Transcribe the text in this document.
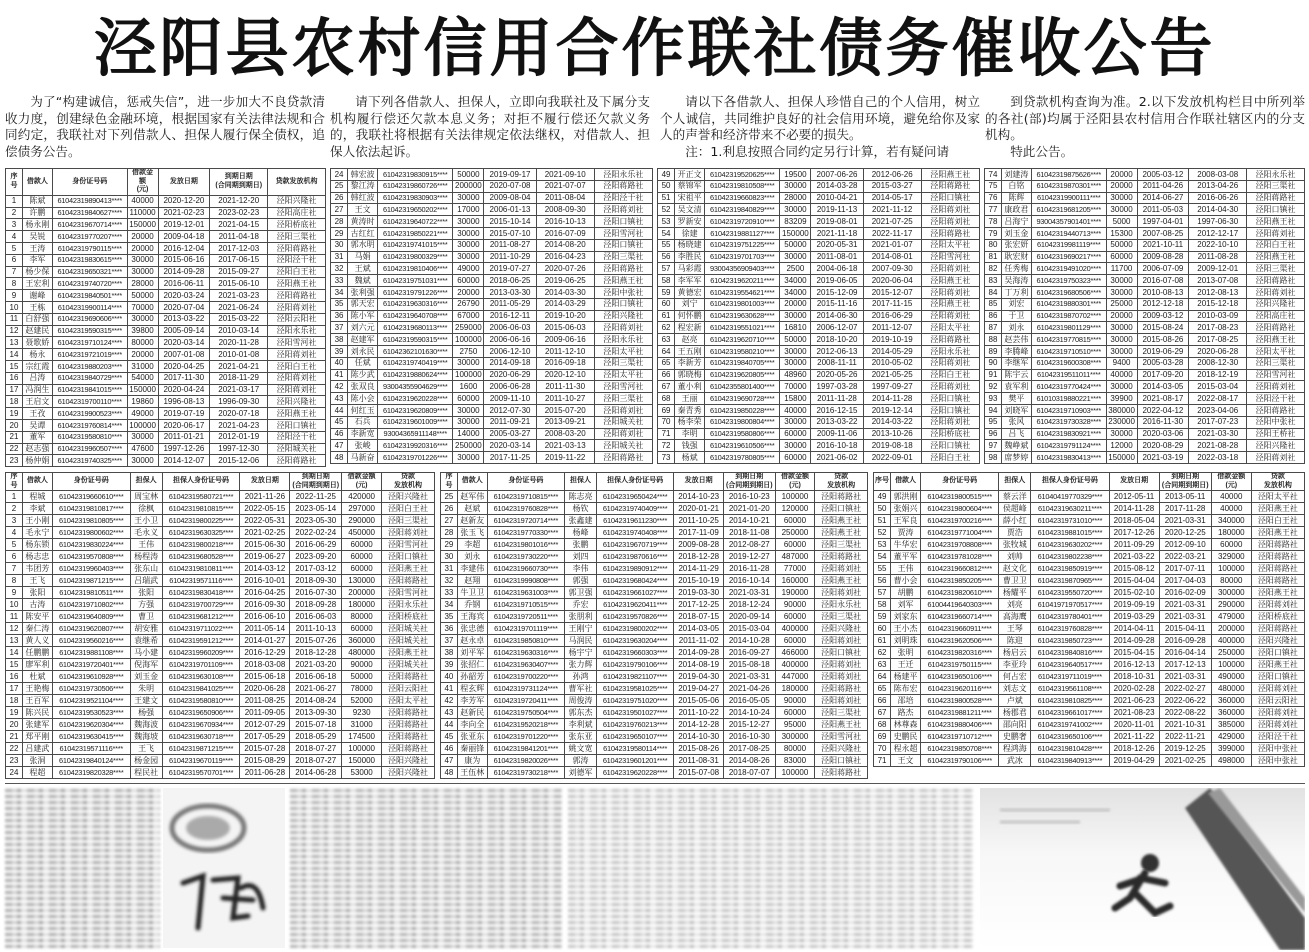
泾阳县农村信用合作联社债务催收公告

为了“构建诚信，惩戒失信”，进一步加大不良贷款清收力度，创建绿色金融环境，根据国家有关法律法规和合同约定，我联社对下列借款人、担保人履行保全债权，追偿债务公告。

请下列各借款人、担保人，立即向我联社及下属分支机构履行偿还欠款本息义务；对拒不履行偿还欠款义务的，我联社将根据有关法律规定依法继权，对借款人、担保人依法起诉。

请以下各借款人、担保人珍惜自己的个人信用，树立个人诚信，共同维护良好的社会信用环境，避免给你及家人的声誉和经济带来不必要的损失。

注：1.利息按照合同约定另行计算，若有疑问请

到贷款机构查询为准。2.以下发放机构栏目中所列举的各社(部)均属于泾阳县农村信用合作联社辖区内的分支机构。

特此公告。

序号	借款人	身份证号码	借款金额
(元)	发放日期	到期日期
(合同期到期日)	贷款发放机构

1	陈斌	61042319890413****	40000	2020-12-20	2021-12-20	泾阳兴隆社
2	许鹏	61042319840627****	110000	2021-02-23	2023-02-23	泾阳高庄社
3	杨永刚	61042319670714****	150000	2019-12-01	2021-04-15	泾阳桥底社
4	吴锐	61042319770207****	20000	2009-04-18	2011-04-18	泾阳三渠社
5	王涛	61042319790115****	20000	2016-12-04	2017-12-03	泾阳蒋路社
6	李军	61042319830615****	30000	2015-06-16	2017-06-15	泾阳泾干社
7	杨少保	61042319650321****	30000	2014-09-28	2015-09-27	泾阳白王社
8	王宏利	61042319740720****	28000	2016-06-11	2015-06-10	泾阳燕王社
9	谢峰	61042319840501****	50000	2020-03-24	2021-03-23	泾阳蒋路社
10	王栋	61042319900114****	70000	2020-07-04	2021-06-24	泾阳蒋刘社
11	白舒强	61042319690606****	30000	2013-03-22	2015-03-22	泾阳云阳社
12	赵建民	61042319590315****	39800	2005-09-14	2010-03-14	泾阳永乐社
13	聂歌娇	61042319710124****	80000	2020-03-14	2020-11-28	泾阳雪河社
14	杨永	61042319721019****	20000	2007-01-08	2010-01-08	泾阳蒋刘社
15	宗红霞	61042319880203****	31000	2020-04-25	2021-04-21	泾阳白王社
16	吕涛	61042319840729****	54000	2017-11-30	2018-11-29	泾阳蒋刘社
17	冯润生	61042319841015****	150000	2020-04-24	2021-03-17	泾阳蒋刘社
18	王启文	61042319700110****	19860	1996-08-13	1996-09-30	泾阳兴隆社
19	王孜	61042319900523****	49000	2019-07-19	2020-07-18	泾阳燕王社
20	吴谭	61042319760814****	100000	2020-06-17	2021-04-23	泾阳口镇社
21	董军	61042319580810****	30000	2011-01-21	2012-01-19	泾阳泾干社
22	赵志强	61042319960507****	47600	1997-12-26	1997-12-30	泾阳城关社
23	杨仲娟	61042319740325****	30000	2014-12-07	2015-12-06	泾阳蒋路社
24	韩宏波	61042319830915****	50000	2019-09-17	2021-09-10	泾阳永乐社
25	黎江涛	61042319860726****	200000	2020-07-08	2021-07-07	泾阳蒋路社
26	韩红波	61042319830903****	30000	2009-08-04	2011-08-04	泾阳泾干社
27	王文	61042319650202****	17000	2006-01-13	2008-09-30	泾阳蒋刘社
28	黄涛时	61042319640722****	30000	2015-10-14	2016-10-13	泾阳口镇社
29	古红红	61042319850221****	30000	2015-07-10	2016-07-09	泾阳雪河社
30	郭水明	61042319741015****	30000	2011-08-27	2014-08-20	泾阳口镇社
31	马娟	61042319800329****	30000	2011-10-29	2016-04-23	泾阳三渠社
32	王斌	61042319810406****	49000	2019-07-27	2020-07-26	泾阳蒋路社
33	魏斌	61042319751031****	60000	2018-06-25	2019-06-25	泾阳燕王社
34	张利强	61042319791226****	20000	2013-03-30	2014-03-30	泾阳中张社
35	郭天宏	61042319630316****	26790	2011-05-29	2014-03-29	泾阳口镇社
36	陈小军	61042319640708****	67000	2016-12-11	2019-10-20	泾阳兴隆社
37	刘六元	61042319680113****	259000	2006-06-03	2015-06-03	泾阳蒋刘社
38	赵建军	61042319590315****	100000	2006-06-16	2009-06-16	泾阳永乐社
39	刘永民	61042362101630****	2750	2006-12-10	2011-12-10	泾阳太平社
40	任斌	61042319740419****	30000	2014-09-18	2016-09-18	泾阳三渠社
41	陈少武	61042319880624****	100000	2020-06-29	2020-12-10	泾阳太平社
42	张双良	93004355904629****	1600	2006-06-28	2011-11-30	泾阳雪河社
43	陈小会	61042319620228****	60000	2009-11-10	2011-10-27	泾阳三渠社
44	何红玉	61042319620809****	30000	2012-07-30	2015-07-20	泾阳蒋刘社
45	石兵	61042319601009****	30000	2011-09-21	2013-09-21	泾阳城关社
46	李新宽	93004365911148****	14000	2005-03-27	2008-03-20	泾阳蒋刘社
47	张峻	61042319920316****	250000	2020-03-14	2021-03-13	泾阳城关社
48	马新奋	61042319701226****	30000	2017-11-25	2019-11-22	泾阳蒋路社
49	开正文	61042319520625****	19500	2007-06-26	2012-06-26	泾阳燕王社
50	蔡锦军	61042319810508****	30000	2014-03-28	2015-03-27	泾阳蒋路社
51	宋祖平	61042319660823****	28000	2010-04-21	2014-05-17	泾阳口镇社
52	吴文清	61042319840829****	30000	2019-11-13	2021-11-12	泾阳蒋刘社
53	罗新安	61042319720910****	83209	2019-08-01	2021-07-25	泾阳蒋刘社
54	徐建	61042319881127****	150000	2021-11-18	2022-11-17	泾阳蒋路社
55	杨晓建	61042319751225****	50000	2020-05-31	2021-01-07	泾阳太平社
56	李胜民	61042319701703****	30000	2011-08-01	2014-08-01	泾阳雪河社
57	马彩霞	93004356909403****	2500	2004-06-18	2007-09-30	泾阳蒋刘社
58	李军军	61042319620211****	34000	2019-06-05	2020-06-04	泾阳燕王社
59	黄德宏	61042319554621****	34000	2015-12-09	2015-12-07	泾阳蒋刘社
60	刘宁	61042319801003****	20000	2015-11-16	2017-11-15	泾阳燕王社
61	何怀鹏	61042319630628****	30000	2014-06-30	2016-06-29	泾阳蒋刘社
62	程宏新	61042319551021****	16810	2006-12-07	2011-12-07	泾阳太平社
63	赵亮	61042319620710****	50000	2018-10-20	2019-10-19	泾阳蒋路社
64	王五刚	61042319580210****	30000	2012-06-13	2014-05-29	泾阳永乐社
65	李新芳	61042319840705****	30000	2008-11-11	2010-05-02	泾阳蒋刘社
66	郭晓梅	61042319620805****	48960	2020-05-26	2021-05-25	泾阳白王社
67	董小利	61042355801400****	70000	1997-03-28	1997-09-27	泾阳蒋刘社
68	王丽	61042319690728****	15800	2011-11-28	2014-11-28	泾阳口镇社
69	秦青秀	61042319850228****	40000	2016-12-15	2019-12-14	泾阳口镇社
70	杨李荣	61042319800804****	30000	2013-03-22	2014-03-22	泾阳蒋刘社
71	李明	61042319580806****	60000	2009-11-06	2013-10-26	泾阳桥底社
72	钱强	61042319610506****	30000	2016-10-18	2019-08-18	泾阳口镇社
73	杨斌	61042319780805****	60000	2021-06-02	2022-09-01	泾阳白王社
74	刘建涛	61042319875626****	20000	2005-03-12	2008-03-08	泾阳永乐社
75	白铭	61042319870301****	20000	2011-04-26	2013-04-26	泾阳三渠社
76	陈辉	61042319900111****	30000	2014-06-27	2016-06-26	泾阳蒋路社
77	康政君	61042319681205****	30000	2011-05-03	2014-04-30	泾阳口镇社
78	吕海宁	93004357901401****	5000	1997-04-01	1997-06-30	泾阳燕王社
79	刘玉金	61042319440713****	15300	2007-08-25	2012-12-17	泾阳蒋刘社
80	张宏妍	61042319981119****	50000	2021-10-11	2022-10-10	泾阳白王社
81	耿宏财	61042319690217****	60000	2009-08-28	2011-08-28	泾阳燕王社
82	任秀梅	61042319491020****	11700	2006-07-09	2009-12-01	泾阳三渠社
83	吴海涛	61042319750323****	30000	2016-07-08	2013-07-08	泾阳蒋路社
84	丁万利	61042319680506****	30000	2010-08-13	2012-08-13	泾阳蒋刘社
85	刘宏	61042319880301****	25000	2012-12-18	2015-12-18	泾阳兴隆社
86	于卫	61042319870702****	20000	2009-03-12	2010-03-09	泾阳高庄社
87	刘永	61042319801129****	30000	2015-08-24	2017-08-23	泾阳蒋路社
88	赵芸伟	61042319770815****	30000	2015-08-26	2017-08-25	泾阳燕王社
89	李腾峰	61042319710510****	30000	2019-06-29	2020-06-28	泾阳太平社
90	李继军	61042319600308****	9400	2005-03-28	2008-12-30	泾阳三渠社
91	陈宇云	61042319511011****	40000	2017-09-20	2018-12-19	泾阳雪河社
92	袁军利	61042319770424****	30000	2014-03-05	2015-03-04	泾阳蒋刘社
93	樊平	61010319880221****	39900	2021-08-17	2022-08-17	泾阳泾干社
94	刘晓军	61042319710903****	380000	2022-04-12	2023-04-06	泾阳蒋路社
95	张风	61042319730328****	230000	2016-11-30	2017-07-23	泾阳中张社
96	吕飞	61042319830921****	30000	2020-03-06	2021-03-30	泾阳王桥社
97	魏峥斌	61042319791124****	12000	2020-08-29	2021-08-28	泾阳兴隆社
98	席梦婷	61042319830413****	150000	2021-03-19	2022-03-18	泾阳蒋刘社
序号	借款人	身份证号码	担保人	担保人身份证号码	发放日期	到期日期
(合同期到期日)	借款金额
(元)	贷款
发放机构

1	程城	61042319660610****	周宝林	61042319580721****	2021-11-26	2022-11-25	420000	泾阳兴隆社
2	李斌	61042319810817****	徐枫	61042319810815****	2022-05-15	2023-05-14	297000	泾阳白王社
3	王小刚	61042319810805****	王小卫	61042319800225****	2022-05-31	2023-05-30	290000	泾阳三渠社
4	毛永宁	61042319800602****	毛永义	61042319630325****	2021-02-25	2022-02-24	450000	泾阳蒋刘社
5	杨东锁	61042319830224****	王伟	61042319800218****	2015-06-30	2016-06-29	60000	泾阳雪河社
6	杨志忠	61042319570808****	杨程涛	61042319680528****	2019-06-27	2023-09-20	60000	泾阳口镇社
7	韦团芳	61042319960403****	张东山	61042319810811****	2014-03-12	2017-03-12	60000	泾阳燕王社
8	王飞	61042319871215****	吕瑞武	61042319571116****	2016-10-01	2018-09-30	130000	泾阳蒋路社
9	张阳	61042319810511****	张阳	61042319830418****	2016-04-25	2016-07-30	200000	泾阳雪河社
10	古涛	61042319710802****	方强	61042319700729****	2016-09-30	2018-09-28	180000	泾阳永乐社
11	陈安平	61042319640809****	曹卫	61042319681212****	2016-06-10	2016-06-03	80000	泾阳桥底社
12	秦仁涛	61042319620807****	胡安雅	61042319711022****	2011-05-14	2011-10-13	60000	泾阳城关社
13	黄人义	61042319560216****	袁继希	61042319591212****	2014-01-27	2015-07-26	360000	泾阳城关社
14	任鹏鹏	61042319881108****	马小建	61042319960209****	2016-12-29	2018-12-28	480000	泾阳燕王社
15	廖军利	61042319720401****	倪海军	61042319701109****	2018-03-08	2021-03-20	90000	泾阳城关社
16	杜斌	61042319610928****	刘玉金	61042319630108****	2015-06-18	2016-06-18	50000	泾阳蒋路社
17	王艳梅	61042319730506****	朱明	61042319841025****	2020-06-28	2021-06-27	78000	泾阳云阳社
18	王百军	61042319521104****	王建文	61042319580810****	2011-08-25	2014-08-24	52000	泾阳太平社
19	陈兴民	61042319530523****	杨强	61042319650906****	2011-09-05	2013-09-30	9230	泾阳蒋路社
20	张建军	61042319620304****	魏海波	61042319670934****	2012-07-29	2015-07-18	31000	泾阳蒋路社
21	郑平刚	61042319630415****	魏海坡	61042319630718****	2017-05-29	2018-05-29	174500	泾阳蒋路社
22	吕建武	61042319571116****	王飞	61042319871215****	2015-07-28	2018-07-27	100000	泾阳蒋路社
23	张洞	61042319840124****	杨金园	61042319670119****	2015-08-29	2018-07-27	150000	泾阳兴隆社
24	程超	61042319820328****	程民社	61042319570701****	2011-06-28	2014-06-28	53000	泾阳兴隆社
序号	借款人	身份证号码	担保人	担保人身份证号码	发放日期	到期日期
(合同期到期日)	借款金额
(元)	贷款
发放机构

25	赵军伟	61042319710815****	陈志亮	61042319650424****	2014-10-23	2016-10-23	100000	泾阳蒋路社
26	赵斌	61042319760828****	杨钦	61042319740409****	2020-01-21	2021-01-20	120000	泾阳口镇社
27	赵新友	61042319720714****	张鑫建	61042319611230****	2011-10-25	2014-10-21	60000	泾阳燕王社
28	张玉飞	61042319770330****	杨峰	61042319740408****	2017-11-09	2018-11-08	250000	泾阳燕王社
29	李超	61042319801016****	张鹏	61042319670719****	2009-08-28	2012-08-27	60000	泾阳三渠社
30	刘永	61042319730220****	刘四	61042319870616****	2018-12-28	2019-12-27	487000	泾阳蒋路社
31	李建伟	61042319660730****	李伟	61042319890912****	2014-11-29	2016-11-28	77000	泾阳蒋刘社
32	赵翔	61042319990808****	郭强	61042319680424****	2015-10-19	2016-10-14	160000	泾阳燕王社
33	牛卫卫	61042319631003****	郭卫强	61042319661027****	2019-03-30	2021-03-31	190000	泾阳蒋刘社
34	乔钢	61042319710515****	乔宏	61042319620411****	2017-12-25	2018-12-24	90000	泾阳永乐社
35	王海宾	61042319720511****	张朋利	61042319570826****	2018-07-15	2020-09-14	60000	泾阳三渠社
36	张忠德	61042319701119****	王刚宁	61042319800202****	2014-03-05	2015-03-04	400000	泾阳兴隆社
37	赵永卓	61042319850810****	马润民	61042319630204****	2011-11-02	2014-10-28	60000	泾阳蒋刘社
38	刘平军	61042319630316****	杨宇宁	61042319660303****	2014-09-28	2016-09-27	466000	泾阳口镇社
39	张招仁	61042319630407****	张力辉	61042319790106****	2014-08-19	2015-08-18	400000	泾阳蒋刘社
40	孙韶芳	61042319700220****	孙鸿	61042319821107****	2019-04-30	2021-03-31	447000	泾阳蒋刘社
41	程玄辉	61042319731124****	曹军社	61042319581025****	2019-04-27	2021-04-26	180000	泾阳蒋路社
42	李芳军	61042319720411****	周俊涛	61042319751020****	2015-05-06	2016-05-05	90000	泾阳蒋刘社
43	赵新民	61042319750504****	郭东杰	61042319501027****	2011-10-22	2014-10-24	60000	泾阳三渠社
44	李向全	61042319520218****	李利斌	61042319760213****	2014-12-28	2015-12-27	95000	泾阳燕王社
45	张亚东	61042319701220****	张东亚	61042319650107****	2014-10-30	2016-10-30	300000	泾阳雪河社
46	秦丽锋	61042319841201****	姚文宽	61042319580114****	2015-08-26	2017-08-25	80000	泾阳兴隆社
47	康为	61042319820026****	郭涛	61042319601201****	2011-08-31	2014-08-26	83000	泾阳口镇社
48	王伍林	61042319730218****	刘德军	61042319620228****	2015-07-08	2018-07-07	100000	泾阳蒋路社
序号	借款人	身份证号码	担保人	担保人身份证号码	发放日期	到期日期
(合同期到期日)	借款金额
(元)	贷款
发放机构

49	郭洪刚	61042319800515****	蔡云洋	61040419770329****	2012-05-11	2013-05-11	40000	泾阳太平社
50	张娟兴	61042319800604****	侯超峰	61042319630211****	2014-11-28	2017-11-28	40000	泾阳燕王社
51	王军良	61042319700216****	薛小红	61042319731010****	2018-05-04	2021-03-31	340000	泾阳白王社
52	贾涛	61042319771004****	贾浩	61042319881015****	2017-12-26	2020-12-25	180000	泾阳燕王社
53	牛华宏	61042319708808****	张牧城	61042319630202****	2011-09-29	2012-09-10	60000	泾阳蒋路社
54	董平军	61042319781028****	刘帅	61042319802238****	2021-03-22	2022-03-21	329000	泾阳蒋路社
55	王伟	61042319660812****	赵文化	61042319850919****	2015-08-12	2017-07-11	100000	泾阳蒋路社
56	曹小会	61042319850205****	曹卫卫	61042319870965****	2015-04-04	2017-04-03	80000	泾阳蒋路社
57	胡鹏	61042319820610****	杨耀平	61042319550720****	2015-02-10	2016-02-09	300000	泾阳燕王社
58	刘军	61004419640303****	刘亮	61041971970517****	2019-09-19	2021-03-31	290000	泾阳蒋刘社
59	刘家东	61042319660714****	高海鹰	61042319780401****	2019-03-29	2021-03-31	479000	泾阳桥底社
60	王小杰	61042319660911****	王琴	61042319760828****	2014-04-11	2015-04-11	200000	泾阳蒋路社
61	刘明珠	61042319620506****	陈迎	61042319850723****	2014-09-28	2016-09-28	400000	泾阳兴隆社
62	张明	61042319820316****	杨启云	61042319840816****	2015-04-15	2016-04-14	250000	泾阳口镇社
63	王迁	61042319750115****	李亚玲	61042319640517****	2016-12-13	2017-12-13	100000	泾阳燕王社
64	杨建平	61042319650106****	何占宏	61042319711019****	2018-10-31	2021-03-31	490000	泾阳口镇社
65	陈布宏	61042319620116****	刘志文	61042319561108****	2020-02-28	2022-02-27	480000	泾阳蒋刘社
66	邵培	61042319800528****	卢斌	61042319810825****	2021-06-23	2022-06-22	360000	泾阳云阳社
67	路杰	61042319881211****	杨郡君	61042319661017****	2021-08-23	2022-08-22	360000	泾阳蒋刘社
68	林尊森	61042319880406****	邵向阳	61042319741002****	2020-11-01	2021-10-31	385000	泾阳蒋刘社
69	史鹏民	61042319710712****	史鹏奢	61042319650106****	2021-11-22	2022-11-21	429000	泾阳泾干社
70	程永超	61042319850708****	程鸿海	61042319810428****	2018-12-26	2019-12-25	399000	泾阳中张社
71	王文	61042319790106****	武冰	61042319840913****	2019-04-29	2021-02-25	498000	泾阳中张社
